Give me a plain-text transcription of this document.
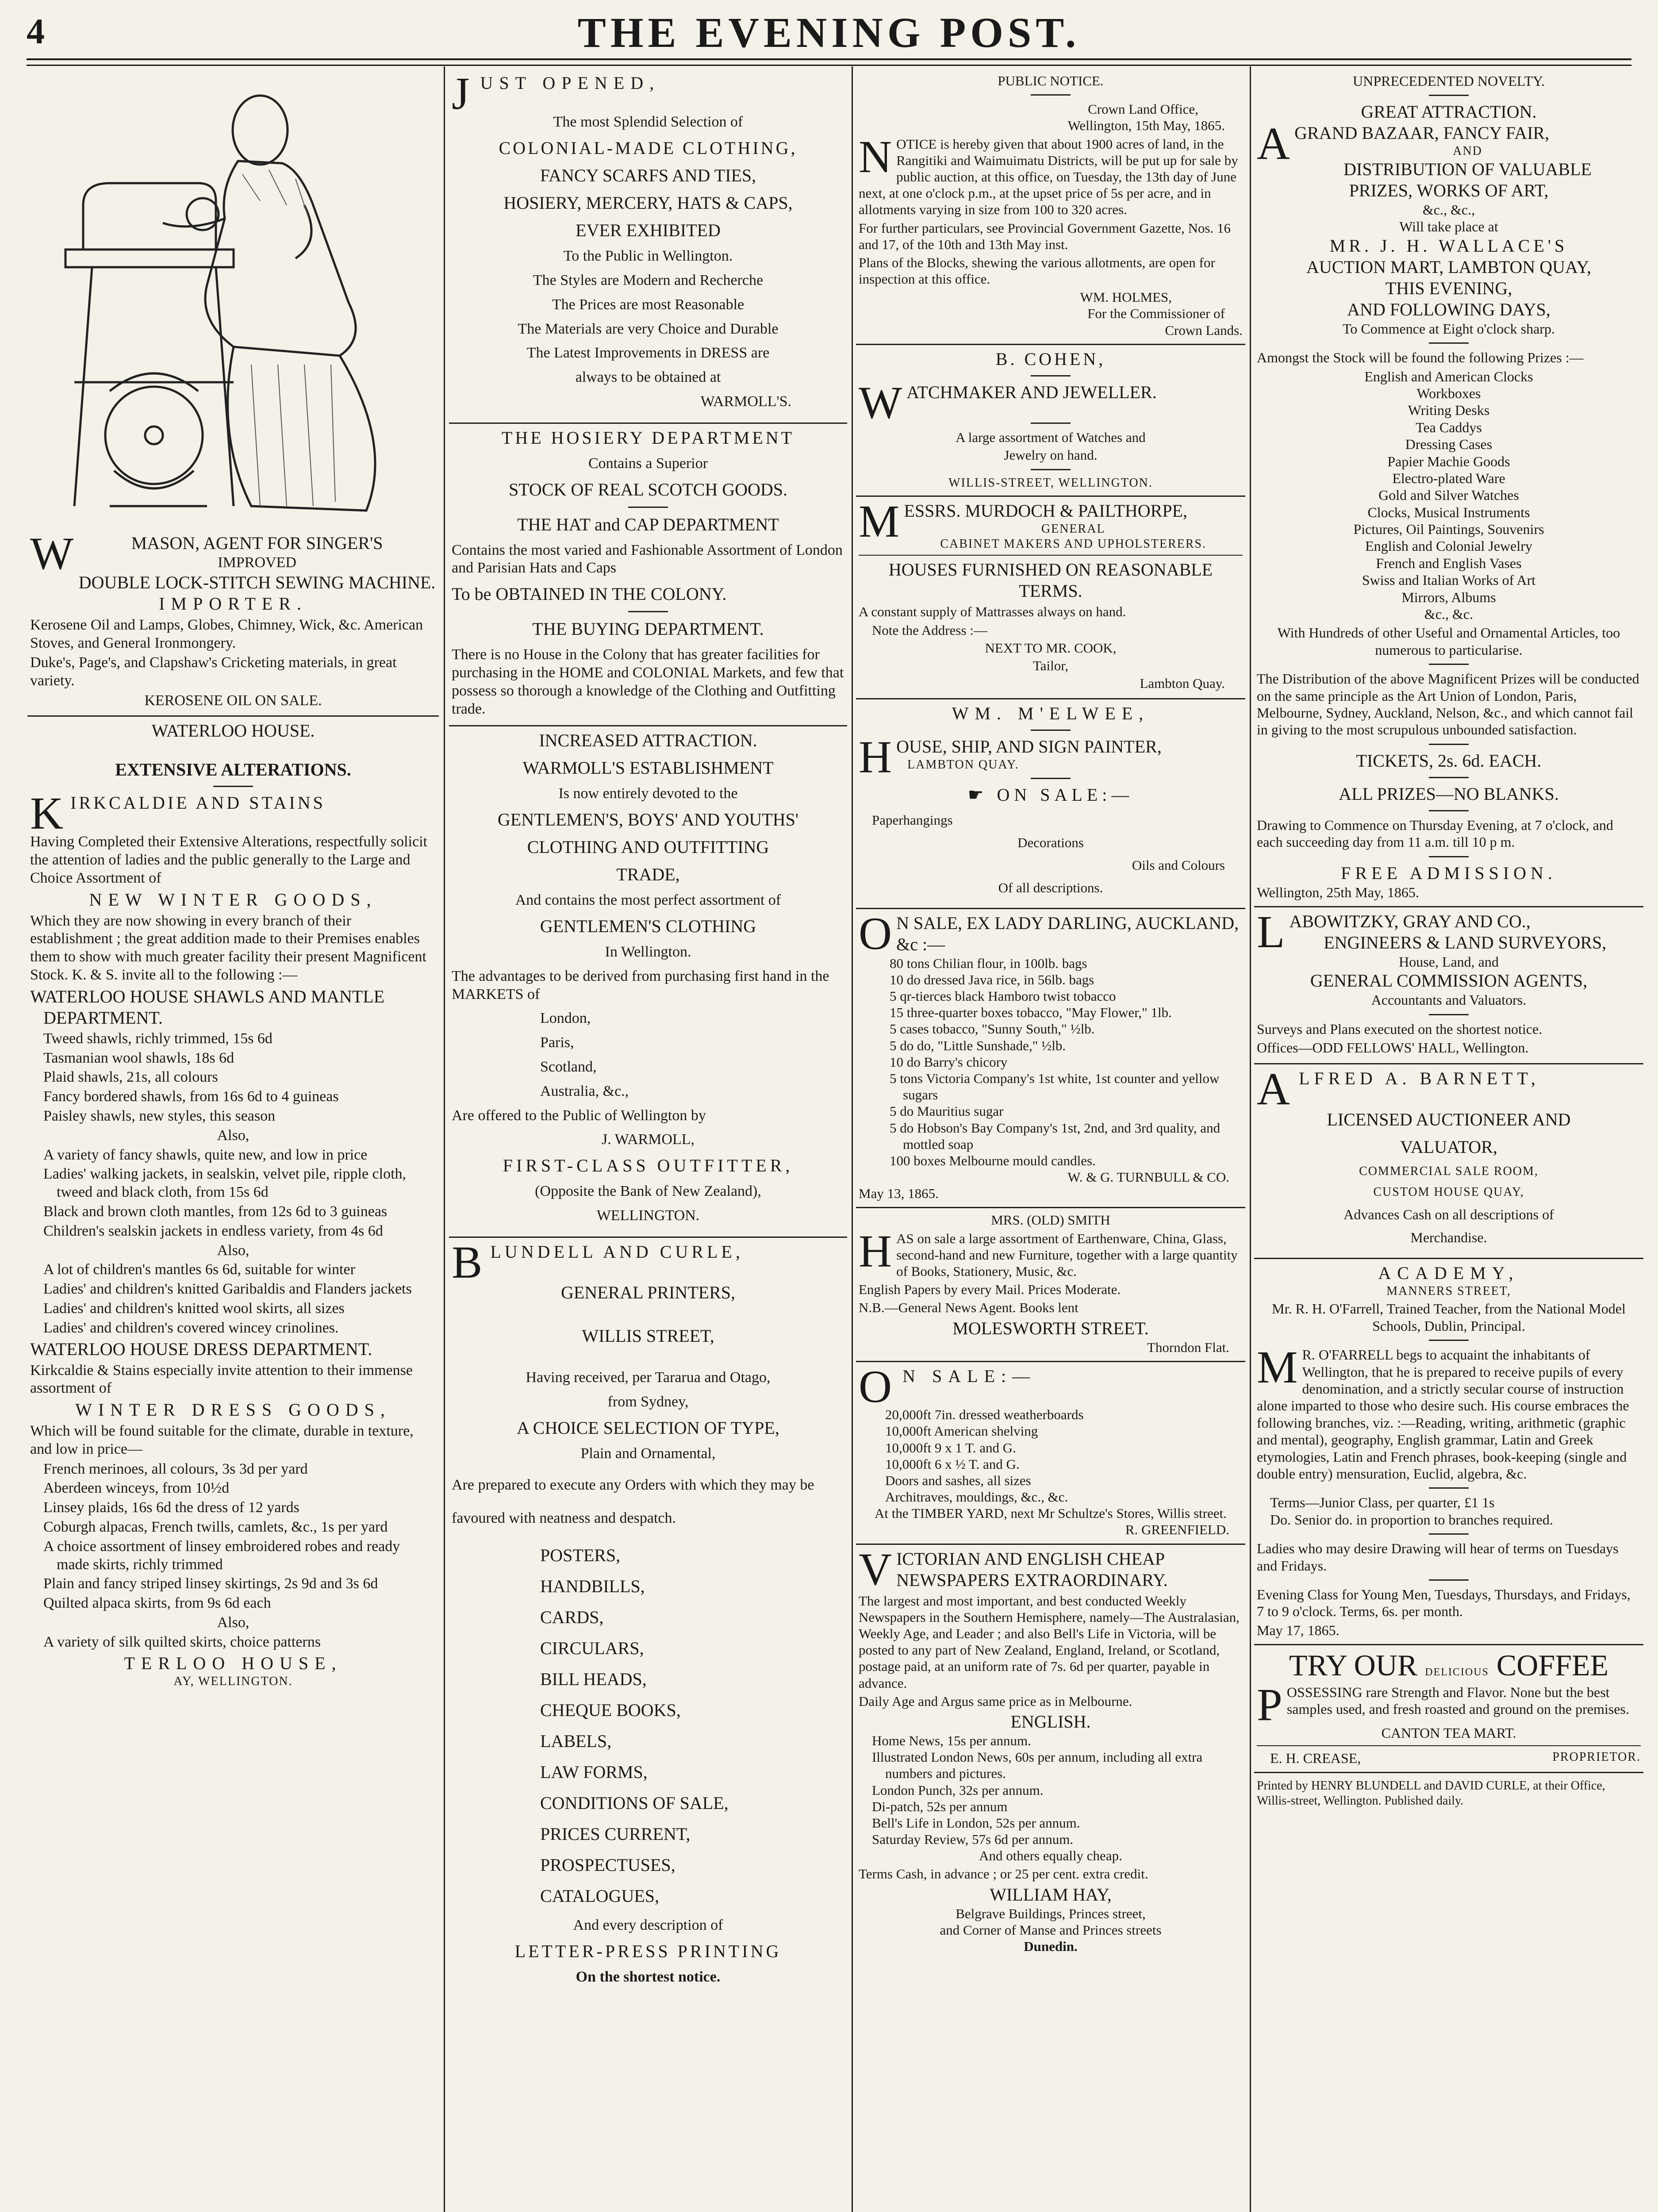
4	THE EVENING POST.
W	MASON, AGENT FOR SINGER'S
IMPROVED
DOUBLE LOCK-STITCH SEWING MACHINE.
IMPORTER.

Kerosene Oil and Lamps, Globes, Chimney, Wick, &c. American Stoves, and General Ironmongery.

Duke's, Page's, and Clapshaw's Cricketing materials, in great variety.

KEROSENE OIL ON SALE.
WATERLOO HOUSE.
EXTENSIVE ALTERATIONS.
KIRKCALDIE AND STAINS

Having Completed their Extensive Alterations, respectfully solicit the attention of ladies and the public generally to the Large and Choice Assortment of

NEW WINTER GOODS,

Which they are now showing in every branch of their establishment ; the great addition made to their Premises enables them to show with much greater facility their present Magnificent Stock. K. & S. invite all to the following :—

WATERLOO HOUSE SHAWLS AND MANTLE DEPARTMENT.
Tweed shawls, richly trimmed, 15s 6d
Tasmanian wool shawls, 18s 6d
Plaid shawls, 21s, all colours
Fancy bordered shawls, from 16s 6d to 4 guineas
Paisley shawls, new styles, this season
Also,
A variety of fancy shawls, quite new, and low in price
Ladies' walking jackets, in sealskin, velvet pile, ripple cloth, tweed and black cloth, from 15s 6d
Black and brown cloth mantles, from 12s 6d to 3 guineas
Children's sealskin jackets in endless variety, from 4s 6d
Also,
A lot of children's mantles 6s 6d, suitable for winter
Ladies' and children's knitted Garibaldis and Flanders jackets
Ladies' and children's knitted wool skirts, all sizes
Ladies' and children's covered wincey crinolines.
WATERLOO HOUSE DRESS DEPARTMENT.

Kirkcaldie & Stains especially invite attention to their immense assortment of

WINTER DRESS GOODS,

Which will be found suitable for the climate, durable in texture, and low in price—

French merinoes, all colours, 3s 3d per yard
Aberdeen winceys, from 10½d
Linsey plaids, 16s 6d the dress of 12 yards
Coburgh alpacas, French twills, camlets, &c., 1s per yard
A choice assortment of linsey embroidered robes and ready made skirts, richly trimmed
Plain and fancy striped linsey skirtings, 2s 9d and 3s 6d
Quilted alpaca skirts, from 9s 6d each
Also,
A variety of silk quilted skirts, choice patterns
TERLOO HOUSE,
AY, WELLINGTON.
JUST OPENED,
The most Splendid Selection of
COLONIAL-MADE CLOTHING,
FANCY SCARFS AND TIES,
HOSIERY, MERCERY, HATS & CAPS,
EVER EXHIBITED
To the Public in Wellington.
The Styles are Modern and Recherche
The Prices are most Reasonable
The Materials are very Choice and Durable
The Latest Improvements in DRESS are
always to be obtained at
WARMOLL'S.
THE HOSIERY DEPARTMENT
Contains a Superior
STOCK OF REAL SCOTCH GOODS.
THE HAT and CAP DEPARTMENT

Contains the most varied and Fashionable Assortment of London and Parisian Hats and Caps

To be OBTAINED IN THE COLONY.
THE BUYING DEPARTMENT.

There is no House in the Colony that has greater facilities for purchasing in the HOME and COLONIAL Markets, and few that possess so thorough a knowledge of the Clothing and Outfitting trade.

INCREASED ATTRACTION.
WARMOLL'S ESTABLISHMENT
Is now entirely devoted to the
GENTLEMEN'S, BOYS' AND YOUTHS'
CLOTHING AND OUTFITTING
TRADE,
And contains the most perfect assortment of
GENTLEMEN'S CLOTHING
In Wellington.

The advantages to be derived from purchasing first hand in the MARKETS of

London,
Paris,
Scotland,
Australia, &c.,
Are offered to the Public of Wellington by
J. WARMOLL,
FIRST-CLASS OUTFITTER,
(Opposite the Bank of New Zealand),
WELLINGTON.
BLUNDELL AND CURLE,
GENERAL PRINTERS,
WILLIS STREET,
Having received, per Tararua and Otago,
from Sydney,
A CHOICE SELECTION OF TYPE,
Plain and Ornamental,

Are prepared to execute any Orders with which they may be favoured with neatness and despatch.

POSTERS,
HANDBILLS,
CARDS,
CIRCULARS,
BILL HEADS,
CHEQUE BOOKS,
LABELS,
LAW FORMS,
CONDITIONS OF SALE,
PRICES CURRENT,
PROSPECTUSES,
CATALOGUES,
And every description of
LETTER-PRESS PRINTING
On the shortest notice.
PUBLIC NOTICE.
Crown Land Office,
Wellington, 15th May, 1865.

NOTICE is hereby given that about 1900 acres of land, in the Rangitiki and Waimuimatu Districts, will be put up for sale by public auction, at this office, on Tuesday, the 13th day of June next, at one o'clock p.m., at the upset price of 5s per acre, and in allotments varying in size from 100 to 320 acres.

For further particulars, see Provincial Government Gazette, Nos. 16 and 17, of the 10th and 13th May inst.

Plans of the Blocks, shewing the various allotments, are open for inspection at this office.

WM. HOLMES,
For the Commissioner of
Crown Lands.
B. COHEN,
WATCHMAKER AND JEWELLER.
A large assortment of Watches and
Jewelry on hand.
WILLIS-STREET, WELLINGTON.
MESSRS. MURDOCH & PAILTHORPE,
GENERAL
CABINET MAKERS AND UPHOLSTERERS.
HOUSES FURNISHED ON REASONABLE TERMS.

A constant supply of Mattrasses always on hand.

Note the Address :—
NEXT TO MR. COOK,
Tailor,
Lambton Quay.
WM. M'ELWEE,
HOUSE, SHIP, AND SIGN PAINTER,
LAMBTON QUAY.
☛ ON SALE:—
Paperhangings
Decorations
Oils and Colours
Of all descriptions.
O N SALE, EX LADY DARLING, AUCKLAND, &c :—
80 tons Chilian flour, in 100lb. bags
10 do dressed Java rice, in 56lb. bags
5 qr-tierces black Hamboro twist tobacco
15 three-quarter boxes tobacco, "May Flower," 1lb.
5 cases tobacco, "Sunny South," ½lb.
5 do do, "Little Sunshade," ½lb.
10 do Barry's chicory
5 tons Victoria Company's 1st white, 1st counter and yellow sugars
5 do Mauritius sugar
5 do Hobson's Bay Company's 1st, 2nd, and 3rd quality, and mottled soap
100 boxes Melbourne mould candles.
W. & G. TURNBULL & CO.
May 13, 1865.
MRS. (OLD) SMITH

HAS on sale a large assortment of Earthenware, China, Glass, second-hand and new Furniture, together with a large quantity of Books, Stationery, Music, &c.

English Papers by every Mail. Prices Moderate.

N.B.—General News Agent. Books lent

MOLESWORTH STREET.
Thorndon Flat.
O N SALE:—
20,000ft 7in. dressed weatherboards
10,000ft American shelving
10,000ft 9 x 1 T. and G.
10,000ft 6 x ½ T. and G.
Doors and sashes, all sizes
Architraves, mouldings, &c., &c.
At the TIMBER YARD, next Mr Schultze's Stores, Willis street.
R. GREENFIELD.
VICTORIAN AND ENGLISH CHEAP NEWSPAPERS EXTRAORDINARY.

The largest and most important, and best conducted Weekly Newspapers in the Southern Hemisphere, namely—The Australasian, Weekly Age, and Leader ; and also Bell's Life in Victoria, will be posted to any part of New Zealand, England, Ireland, or Scotland, postage paid, at an uniform rate of 7s. 6d per quarter, payable in advance.

Daily Age and Argus same price as in Melbourne.

ENGLISH.
Home News, 15s per annum.
Illustrated London News, 60s per annum, including all extra numbers and pictures.
London Punch, 32s per annum.
Di-patch, 52s per annum
Bell's Life in London, 52s per annum.
Saturday Review, 57s 6d per annum.
And others equally cheap.

Terms Cash, in advance ; or 25 per cent. extra credit.

WILLIAM HAY,
Belgrave Buildings, Princes street,
and Corner of Manse and Princes streets
Dunedin.
UNPRECEDENTED NOVELTY.
GREAT ATTRACTION.
AGRAND BAZAAR, FANCY FAIR,
AND
DISTRIBUTION OF VALUABLE
PRIZES, WORKS OF ART,
&c., &c.,
Will take place at
MR. J. H. WALLACE'S
AUCTION MART, LAMBTON QUAY,
THIS EVENING,
AND FOLLOWING DAYS,
To Commence at Eight o'clock sharp.

Amongst the Stock will be found the following Prizes :—

English and American Clocks
Workboxes
Writing Desks
Tea Caddys
Dressing Cases
Papier Machie Goods
Electro-plated Ware
Gold and Silver Watches
Clocks, Musical Instruments
Pictures, Oil Paintings, Souvenirs
English and Colonial Jewelry
French and English Vases
Swiss and Italian Works of Art
Mirrors, Albums
&c., &c.

With Hundreds of other Useful and Ornamental Articles, too numerous to particularise.

The Distribution of the above Magnificent Prizes will be conducted on the same principle as the Art Union of London, Paris, Melbourne, Sydney, Auckland, Nelson, &c., and which cannot fail in giving to the most scrupulous unbounded satisfaction.

TICKETS, 2s. 6d. EACH.
ALL PRIZES—NO BLANKS.

Drawing to Commence on Thursday Evening, at 7 o'clock, and each succeeding day from 11 a.m. till 10 p m.

FREE ADMISSION.
Wellington, 25th May, 1865.
LABOWITZKY, GRAY AND CO.,
ENGINEERS & LAND SURVEYORS,
House, Land, and
GENERAL COMMISSION AGENTS,
Accountants and Valuators.

Surveys and Plans executed on the shortest notice.

Offices—ODD FELLOWS' HALL, Wellington.

ALFRED A. BARNETT,
LICENSED AUCTIONEER AND
VALUATOR,
COMMERCIAL SALE ROOM,
CUSTOM HOUSE QUAY,
Advances Cash on all descriptions of
Merchandise.
ACADEMY,
MANNERS STREET,

Mr. R. H. O'Farrell, Trained Teacher, from the National Model Schools, Dublin, Principal.

M R. O'FARRELL begs to acquaint the inhabitants of Wellington, that he is prepared to receive pupils of every denomination, and a strictly secular course of instruction alone imparted to those who desire such. His course embraces the following branches, viz. :—Reading, writing, arithmetic (graphic and mental), geography, English grammar, Latin and Greek etymologies, Latin and French phrases, book-keeping (single and double entry) mensuration, Euclid, algebra, &c.

Terms—Junior Class, per quarter, £1 1s
Do. Senior do. in proportion to branches required.

Ladies who may desire Drawing will hear of terms on Tuesdays and Fridays.

Evening Class for Young Men, Tuesdays, Thursdays, and Fridays, 7 to 9 o'clock. Terms, 6s. per month.

May 17, 1865.
TRY OUR DELICIOUS COFFEE

POSSESSING rare Strength and Flavor. None but the best samples used, and fresh roasted and ground on the premises.

CANTON TEA MART.
E. H. CREASE,	PROPRIETOR.

Printed by HENRY BLUNDELL and DAVID CURLE, at their Office, Willis-street, Wellington. Published daily.
